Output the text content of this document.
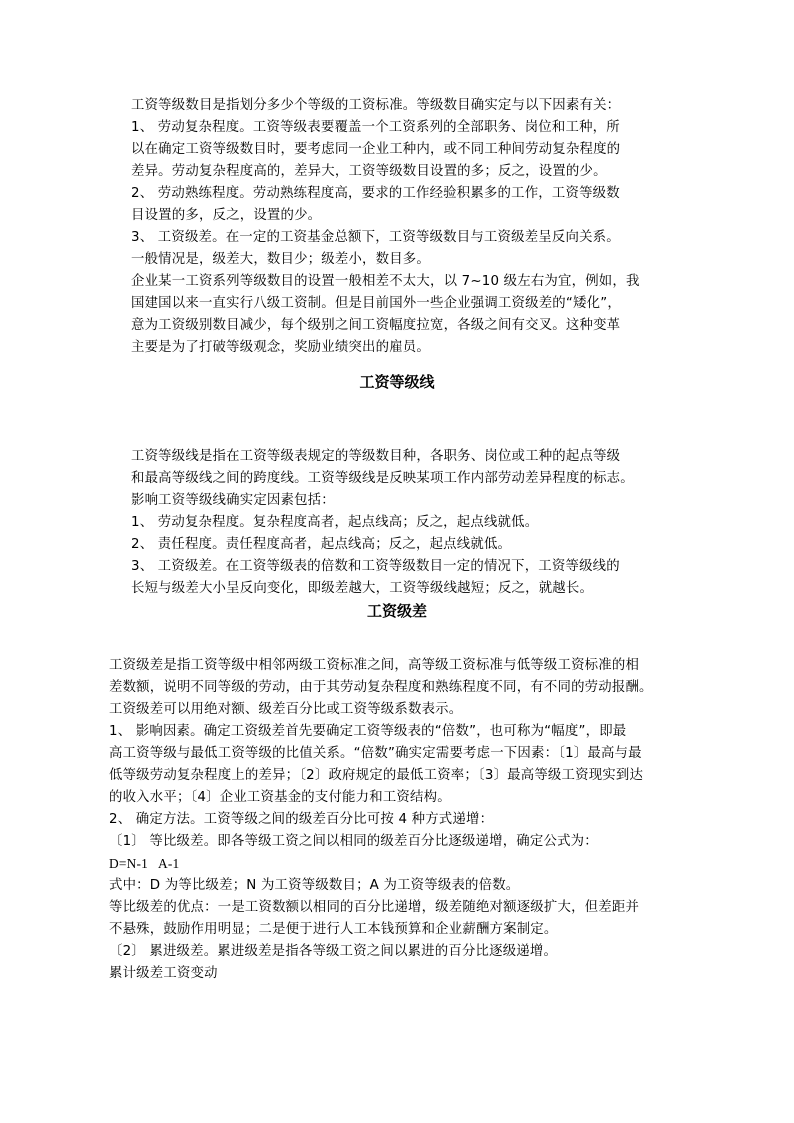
工资等级数目是指划分多少个等级的工资标准。等级数目确实定与以下因素有关：
1、 劳动复杂程度。工资等级表要覆盖一个工资系列的全部职务、岗位和工种，所
以在确定工资等级数目时，要考虑同一企业工种内，或不同工种间劳动复杂程度的
差异。劳动复杂程度高的，差异大，工资等级数目设置的多；反之，设置的少。
2、 劳动熟练程度。劳动熟练程度高，要求的工作经验积累多的工作，工资等级数
目设置的多，反之，设置的少。
3、 工资级差。在一定的工资基金总额下，工资等级数目与工资级差呈反向关系。
一般情况是，级差大，数目少；级差小，数目多。
企业某一工资系列等级数目的设置一般相差不太大，以 7~10 级左右为宜，例如，我
国建国以来一直实行八级工资制。但是目前国外一些企业强调工资级差的“矮化”，
意为工资级别数目减少，每个级别之间工资幅度拉宽，各级之间有交叉。这种变革
主要是为了打破等级观念，奖励业绩突出的雇员。
工资等级线
工资等级线是指在工资等级表规定的等级数目种，各职务、岗位或工种的起点等级
和最高等级线之间的跨度线。工资等级线是反映某项工作内部劳动差异程度的标志。
影响工资等级线确实定因素包括：
1、 劳动复杂程度。复杂程度高者，起点线高；反之，起点线就低。
2、 责任程度。责任程度高者，起点线高；反之，起点线就低。
3、 工资级差。在工资等级表的倍数和工资等级数目一定的情况下，工资等级线的
长短与级差大小呈反向变化，即级差越大，工资等级线越短；反之，就越长。
工资级差
工资级差是指工资等级中相邻两级工资标准之间，高等级工资标准与低等级工资标准的相
差数额，说明不同等级的劳动，由于其劳动复杂程度和熟练程度不同，有不同的劳动报酬。
工资级差可以用绝对额、级差百分比或工资等级系数表示。
1、 影响因素。确定工资级差首先要确定工资等级表的“倍数”，也可称为“幅度”，即最
高工资等级与最低工资等级的比值关系。“倍数”确实定需要考虑一下因素：〔1〕最高与最
低等级劳动复杂程度上的差异；〔2〕政府规定的最低工资率；〔3〕最高等级工资现实到达
的收入水平；〔4〕企业工资基金的支付能力和工资结构。
2、 确定方法。工资等级之间的级差百分比可按 4 种方式递增：
〔1〕 等比级差。即各等级工资之间以相同的级差百分比逐级递增，确定公式为：
D=N-1   A-1
式中：D 为等比级差；N 为工资等级数目；A 为工资等级表的倍数。
等比级差的优点：一是工资数额以相同的百分比递增，级差随绝对额逐级扩大，但差距并
不悬殊，鼓励作用明显；二是便于进行人工本钱预算和企业薪酬方案制定。
〔2〕 累进级差。累进级差是指各等级工资之间以累进的百分比逐级递增。
累计级差工资变动
